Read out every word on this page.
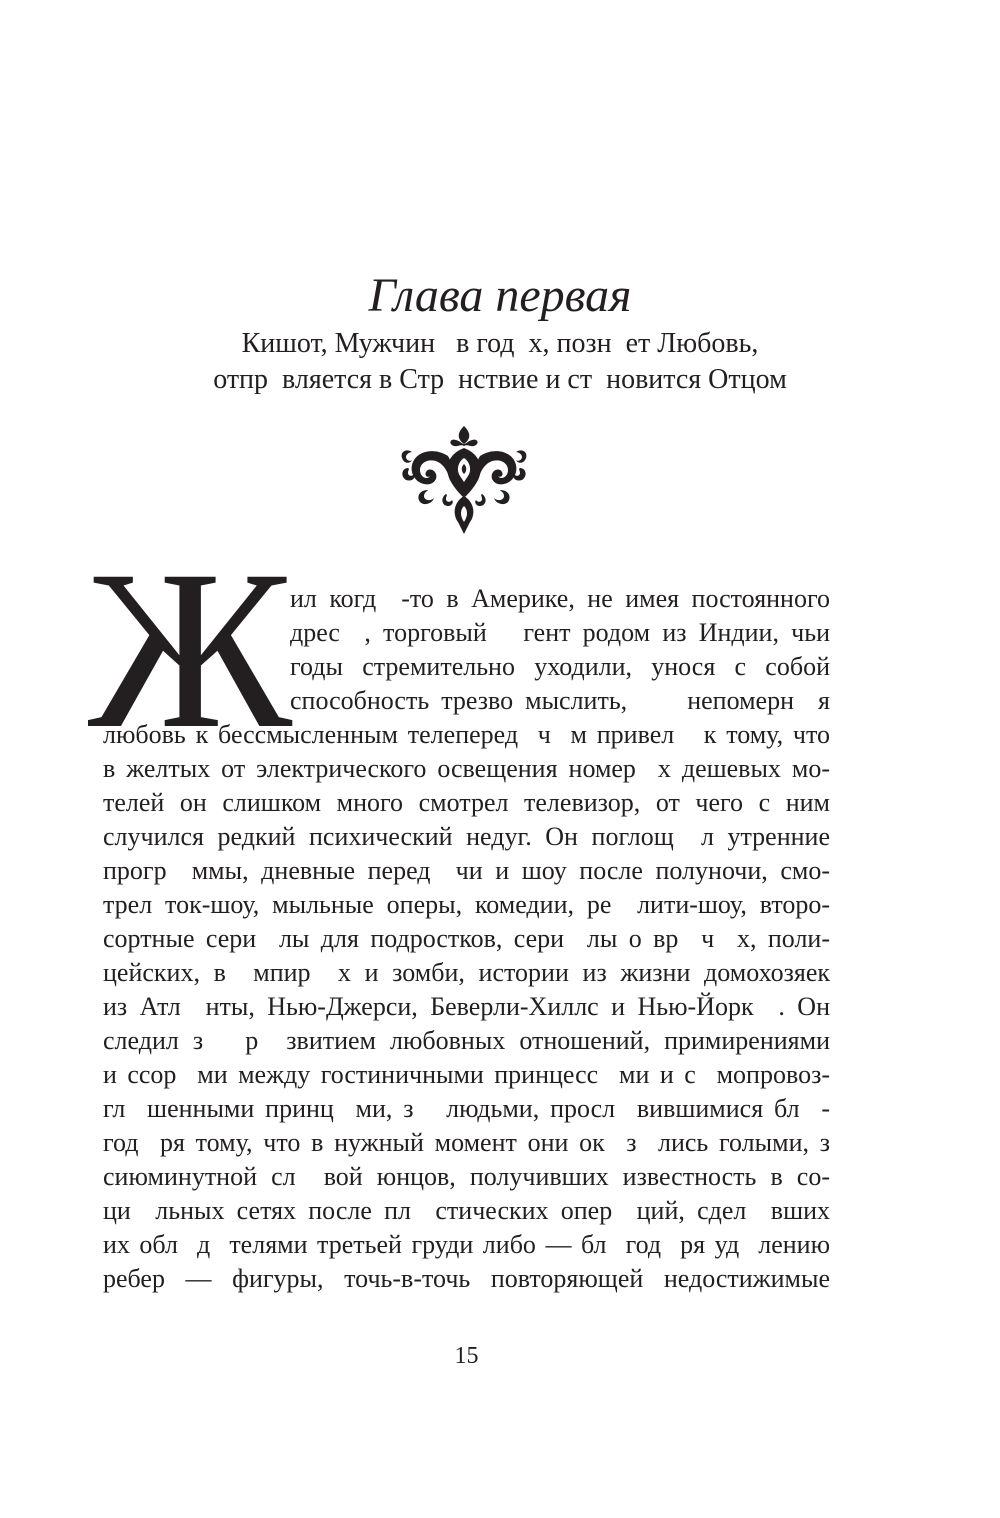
Глава первая
Кишот, Мужчин   в год  х, позн  ет Любовь,
отпр  вляется в Стр  нствие и ст  новится Отцом
Ж
ил когд  -то в Америке, не имея постоянного
дрес  , торговый   гент родом из Индии, чьи
годы стремительно уходили, унося с собой
способность трезво мыслить,     непомерн  я
любовь к бессмысленным телеперед  ч  м привел   к тому, что
в желтых от электрического освещения номер  х дешевых мо-
телей он слишком много смотрел телевизор, от чего с ним
случился редкий психический недуг. Он поглощ  л утренние
прогр  ммы, дневные перед  чи и шоу после полуночи, смо-
трел ток-шоу, мыльные оперы, комедии, ре  лити-шоу, второ-
сортные сери  лы для подростков, сери  лы о вр  ч  х, поли-
цейских, в  мпир  х и зомби, истории из жизни домохозяек
из Атл  нты, Нью-Джерси, Беверли-Хиллс и Нью-Йорк  . Он
следил з   р  звитием любовных отношений, примирениями
и ссор  ми между гостиничными принцесс  ми и с  мопровоз-
гл  шенными принц  ми, з   людьми, просл  вившимися бл  -
год  ря тому, что в нужный момент они ок  з  лись голыми, з
сиюминутной сл  вой юнцов, получивших известность в со-
ци  льных сетях после пл  стических опер  ций, сдел  вших
их обл  д  телями третьей груди либо — бл  год  ря уд  лению
ребер — фигуры, точь-в-точь повторяющей недостижимые
15
